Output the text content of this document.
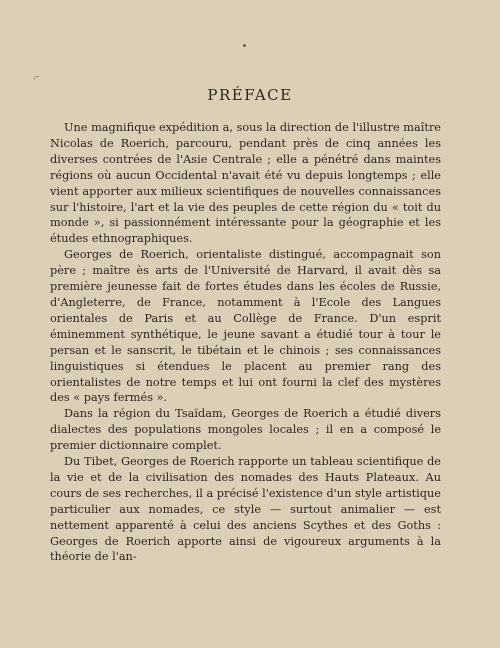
PRÉFACE

Une magnifique expédition a, sous la direction de l'illustre maître Nicolas de Roerich, parcouru, pendant près de cinq années les diverses contrées de l'Asie Centrale ; elle a pénétré dans maintes régions où aucun Occidental n'avait été vu depuis longtemps ; elle vient apporter aux milieux scientifiques de nouvelles connaissances sur l'histoire, l'art et la vie des peuples de cette région du « toit du monde », si passionnément intéressante pour la géographie et les études ethnographiques.

Georges de Roerich, orientaliste distingué, accompagnait son père ; maître ès arts de l'Université de Harvard, il avait dès sa première jeunesse fait de fortes études dans les écoles de Russie, d'Angleterre, de France, notamment à l'Ecole des Langues orientales de Paris et au Collège de France. D'un esprit éminemment synthétique, le jeune savant a étudié tour à tour le persan et le sanscrit, le tibétain et le chinois ; ses connaissances linguistiques si étendues le placent au premier rang des orientalistes de notre temps et lui ont fourni la clef des mystères des « pays fermés ».

Dans la région du Tsaïdam, Georges de Roerich a étudié divers dialectes des populations mongoles locales ; il en a composé le premier dictionnaire complet.

Du Tibet, Georges de Roerich rapporte un tableau scientifique de la vie et de la civilisation des nomades des Hauts Plateaux. Au cours de ses recherches, il a précisé l'existence d'un style artistique particulier aux nomades, ce style — surtout animalier — est nettement apparenté à celui des anciens Scythes et des Goths : Georges de Roerich apporte ainsi de vigoureux arguments à la théorie de l'an-
